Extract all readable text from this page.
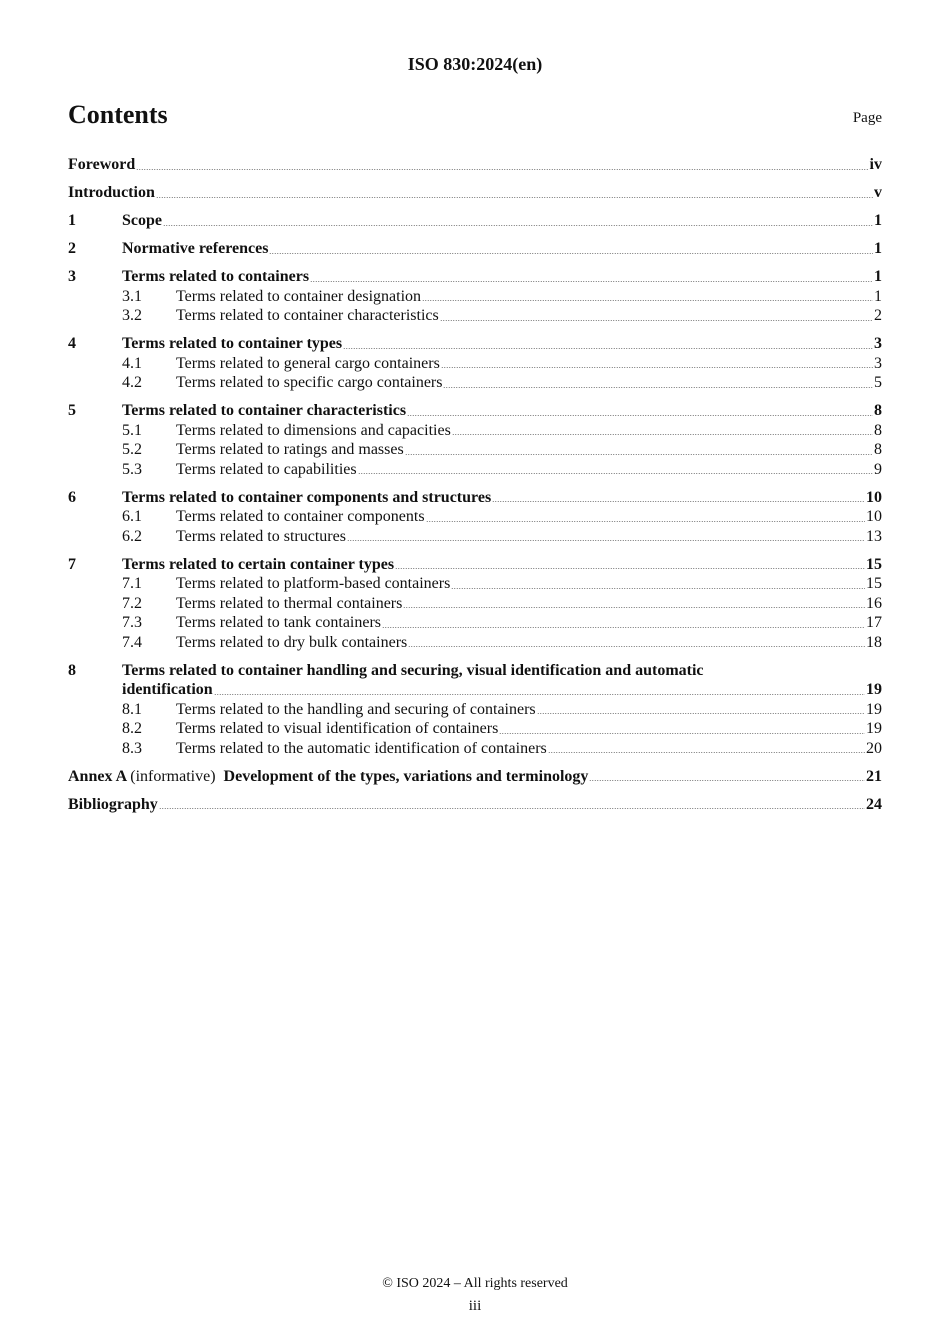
ISO 830:2024(en)
Contents	Page
Foreword	iv
Introduction	v
1	Scope	1
2	Normative references	1
3	Terms related to containers	1
3.1	Terms related to container designation	1
3.2	Terms related to container characteristics	2
4	Terms related to container types	3
4.1	Terms related to general cargo containers	3
4.2	Terms related to specific cargo containers	5
5	Terms related to container characteristics	8
5.1	Terms related to dimensions and capacities	8
5.2	Terms related to ratings and masses	8
5.3	Terms related to capabilities	9
6	Terms related to container components and structures	10
6.1	Terms related to container components	10
6.2	Terms related to structures	13
7	Terms related to certain container types	15
7.1	Terms related to platform-based containers	15
7.2	Terms related to thermal containers	16
7.3	Terms related to tank containers	17
7.4	Terms related to dry bulk containers	18
8	Terms related to container handling and securing, visual identification and automatic
identification	19
8.1	Terms related to the handling and securing of containers	19
8.2	Terms related to visual identification of containers	19
8.3	Terms related to the automatic identification of containers	20
Annex A (informative) Development of the types, variations and terminology	21
Bibliography	24
© ISO 2024 – All rights reserved
iii
